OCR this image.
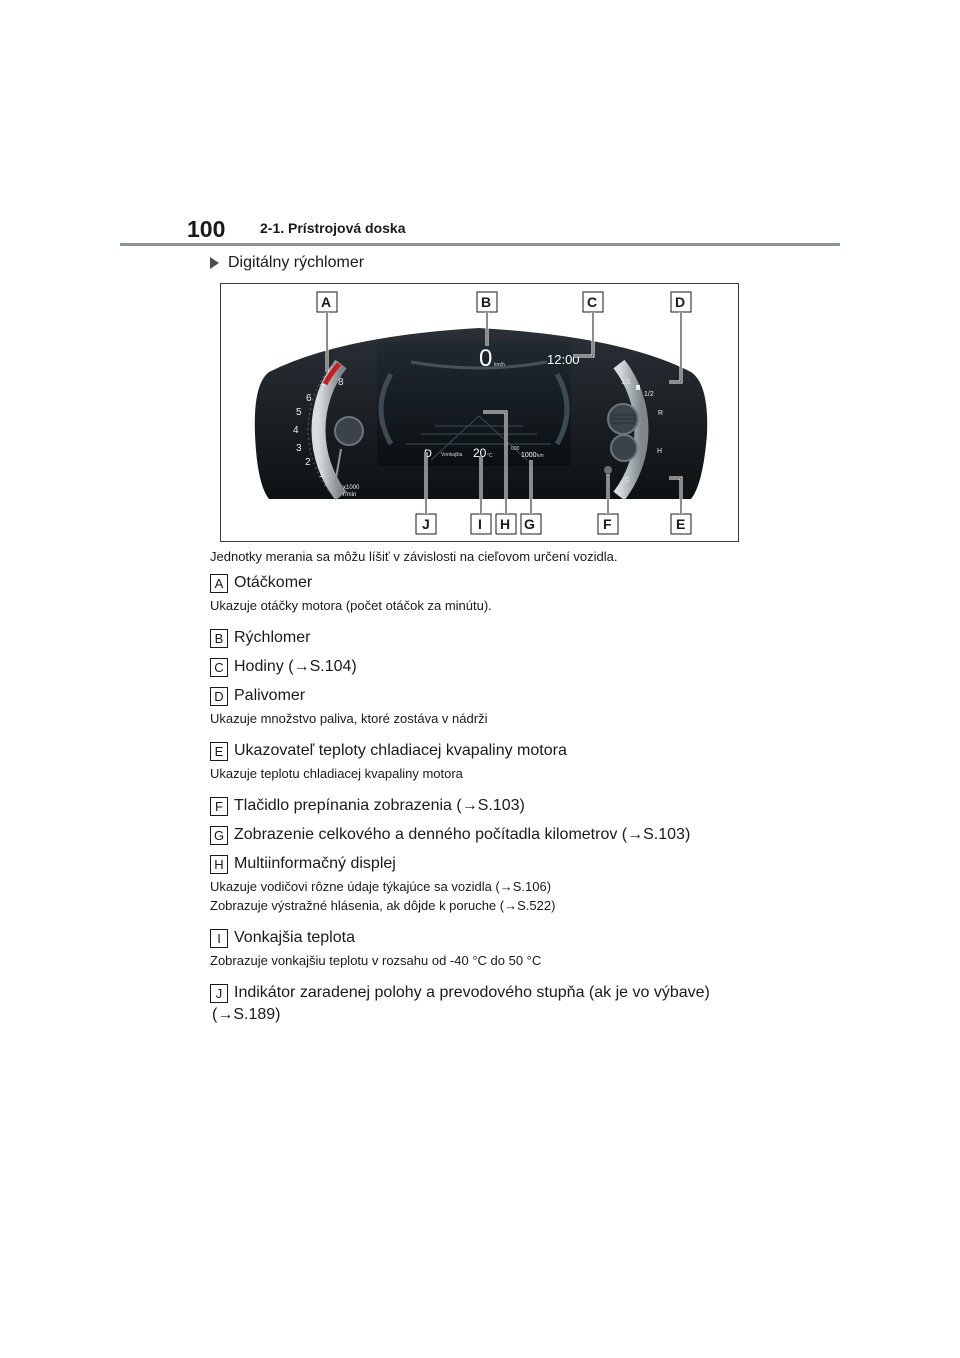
100 2-1. Prístrojová doska
Digitálny rýchlomer
8
7
6
5
4
3
2
1
x1000
r/min
0 km/h	12:00
D Vonkajšia 20 °C
000
1000 km
1/1
1/2
R
H
C
A	B	C	D
J	I H G	F	E
Jednotky merania sa môžu líšiť v závislosti na cieľovom určení vozidla.
A Otáčkomer
Ukazuje otáčky motora (počet otáčok za minútu).
B Rýchlomer
C Hodiny (→S.104)
D Palivomer
Ukazuje množstvo paliva, ktoré zostáva v nádrži
E Ukazovateľ teploty chladiacej kvapaliny motora
Ukazuje teplotu chladiacej kvapaliny motora
F Tlačidlo prepínania zobrazenia (→S.103)
G Zobrazenie celkového a denného počítadla kilometrov (→S.103)
H Multiinformačný displej
Ukazuje vodičovi rôzne údaje týkajúce sa vozidla (→S.106)
Zobrazuje výstražné hlásenia, ak dôjde k poruche (→S.522)
I Vonkajšia teplota
Zobrazuje vonkajšiu teplotu v rozsahu od -40 °C do 50 °C
J Indikátor zaradenej polohy a prevodového stupňa (ak je vo výbave)
(→S.189)
